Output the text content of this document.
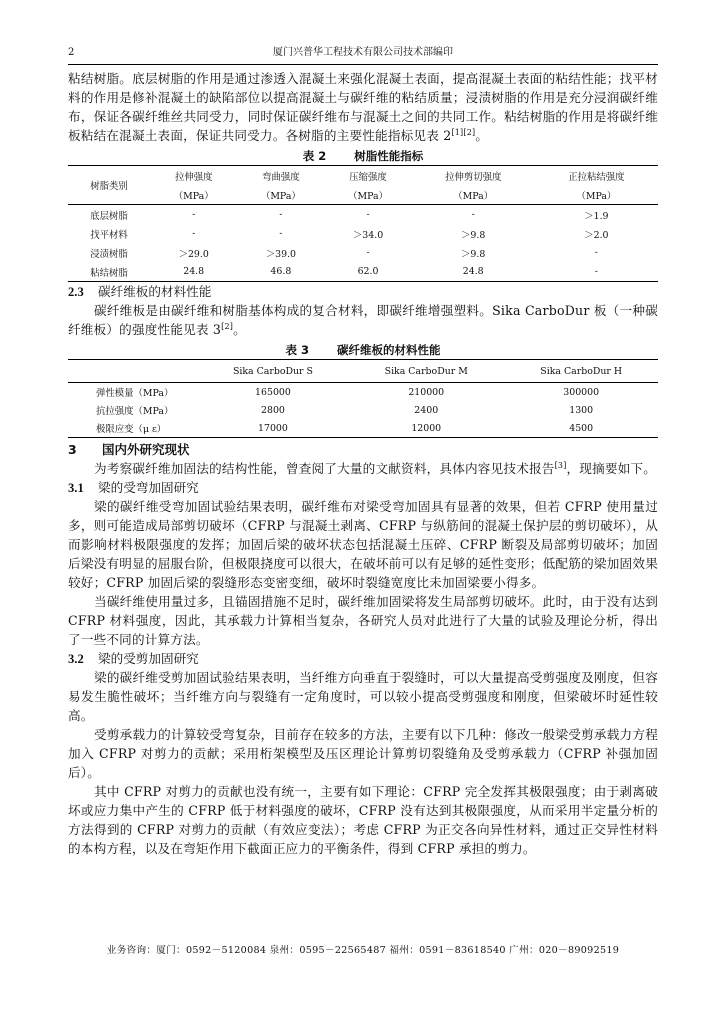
2	厦门兴普华工程技术有限公司技术部编印

粘结树脂。底层树脂的作用是通过渗透入混凝土来强化混凝土表面，提高混凝土表面的粘结性能；找平材料的作用是修补混凝土的缺陷部位以提高混凝土与碳纤维的粘结质量；浸渍树脂的作用是充分浸润碳纤维布，保证各碳纤维丝共同受力，同时保证碳纤维布与混凝土之间的共同工作。粘结树脂的作用是将碳纤维板粘结在混凝土表面，保证共同受力。各树脂的主要性能指标见表 2[1][2]。

表 2 树脂性能指标
树脂类别	拉伸强度	弯曲强度	压缩强度	拉伸剪切强度	正拉粘结强度
	（MPa）	（MPa）	（MPa）	（MPa）	（MPa）
底层树脂	-	-	-	-	＞1.9
找平材料	-	-	＞34.0	＞9.8	＞2.0
浸渍树脂	＞29.0	＞39.0	-	＞9.8	-
粘结树脂	24.8	46.8	62.0	24.8	-
2.3 碳纤维板的材料性能

碳纤维板是由碳纤维和树脂基体构成的复合材料，即碳纤维增强塑料。Sika CarboDur 板（一种碳纤维板）的强度性能见表 3[2]。

表 3 碳纤维板的材料性能
	Sika CarboDur S	Sika CarboDur M	Sika CarboDur H
弹性模量（MPa）	165000	210000	300000
抗拉强度（MPa）	2800	2400	1300
极限应变（μ ε）	17000	12000	4500
3 国内外研究现状

为考察碳纤维加固法的结构性能，曾查阅了大量的文献资料，具体内容见技术报告[3]，现摘要如下。

3.1 梁的受弯加固研究

梁的碳纤维受弯加固试验结果表明，碳纤维布对梁受弯加固具有显著的效果，但若 CFRP 使用量过多，则可能造成局部剪切破坏（CFRP 与混凝土剥离、CFRP 与纵筋间的混凝土保护层的剪切破坏），从而影响材料极限强度的发挥；加固后梁的破坏状态包括混凝土压碎、CFRP 断裂及局部剪切破坏；加固后梁没有明显的屈服台阶，但极限挠度可以很大，在破坏前可以有足够的延性变形；低配筋的梁加固效果较好；CFRP 加固后梁的裂缝形态变密变细，破坏时裂缝宽度比未加固梁要小得多。

当碳纤维使用量过多，且锚固措施不足时，碳纤维加固梁将发生局部剪切破坏。此时，由于没有达到 CFRP 材料强度，因此，其承载力计算相当复杂，各研究人员对此进行了大量的试验及理论分析，得出了一些不同的计算方法。

3.2 梁的受剪加固研究

梁的碳纤维受剪加固试验结果表明，当纤维方向垂直于裂缝时，可以大量提高受剪强度及刚度，但容易发生脆性破坏；当纤维方向与裂缝有一定角度时，可以较小提高受剪强度和刚度，但梁破坏时延性较高。

受剪承载力的计算较受弯复杂，目前存在较多的方法，主要有以下几种：修改一般梁受剪承载力方程加入 CFRP 对剪力的贡献；采用桁架模型及压区理论计算剪切裂缝角及受剪承载力（CFRP 补强加固后）。

其中 CFRP 对剪力的贡献也没有统一，主要有如下理论：CFRP 完全发挥其极限强度；由于剥离破坏或应力集中产生的 CFRP 低于材料强度的破坏，CFRP 没有达到其极限强度，从而采用半定量分析的方法得到的 CFRP 对剪力的贡献（有效应变法）；考虑 CFRP 为正交各向异性材料，通过正交异性材料的本构方程，以及在弯矩作用下截面正应力的平衡条件，得到 CFRP 承担的剪力。

业务咨询：厦门：0592－5120084 泉州：0595－22565487 福州：0591－83618540 广州：020－89092519
